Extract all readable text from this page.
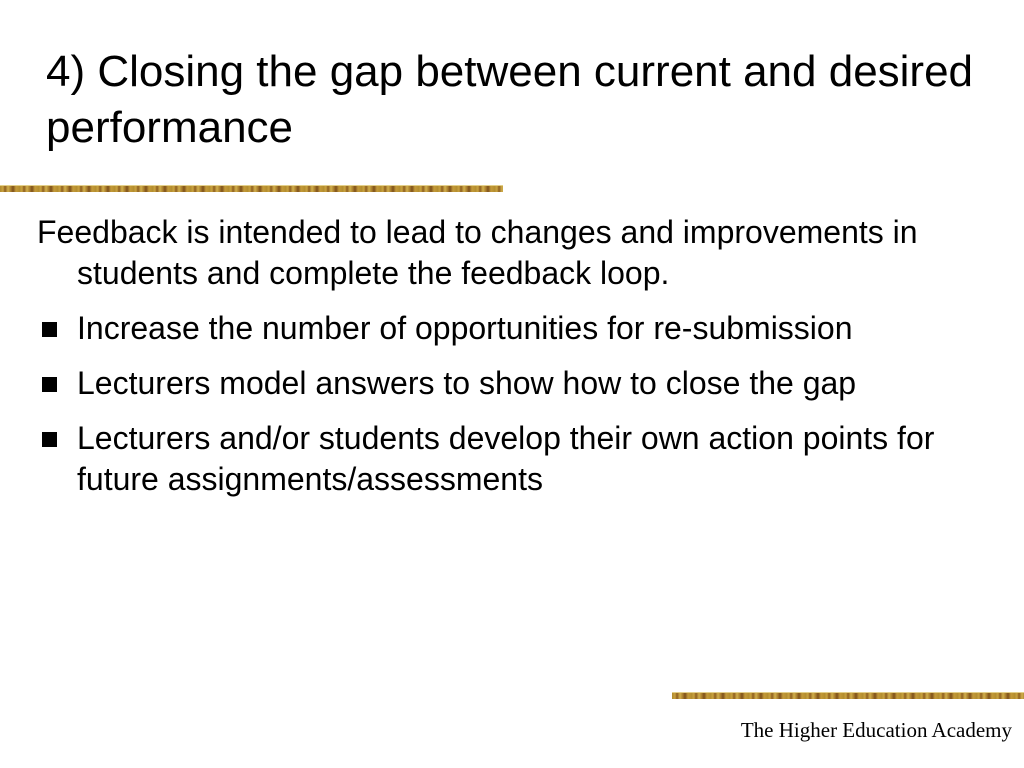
4) Closing the gap between current and desired performance

Feedback is intended to lead to changes and improvements in students and complete the feedback loop.

Increase the number of opportunities for re-submission
Lecturers model answers to show how to close the gap
Lecturers and/or students develop their own action points for future assignments/assessments
The Higher Education Academy
